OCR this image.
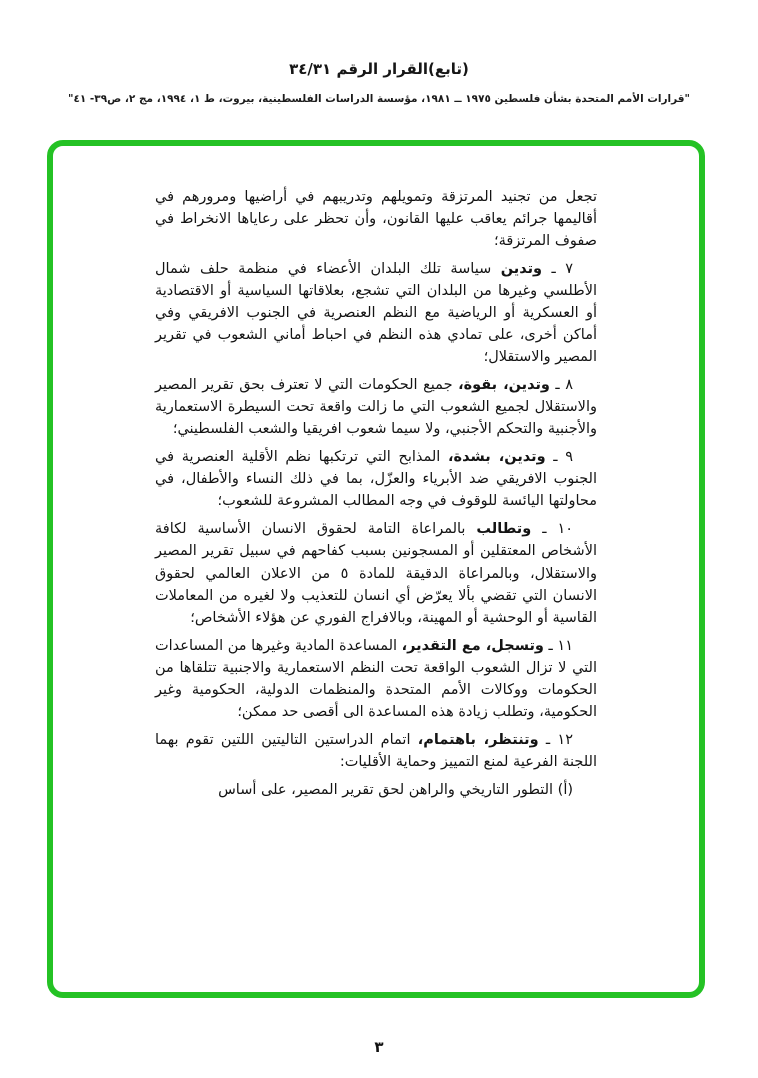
(تابع)القرار الرقم ٣٤/٣١
"قرارات الأمم المتحدة بشأن فلسطين ١٩٧٥ ــ ١٩٨١، مؤسسة الدراسات الفلسطينية، بيروت، ط ١، ١٩٩٤، مج ٢، ص٣٩- ٤١"

تجعل من تجنيد المرتزقة وتمويلهم وتدريبهم في أراضيها ومرورهم في أقاليمها جرائم يعاقب عليها القانون، وأن تحظر على رعاياها الانخراط في صفوف المرتزقة؛

٧ ـ وتدين سياسة تلك البلدان الأعضاء في منظمة حلف شمال الأطلسي وغيرها من البلدان التي تشجع، بعلاقاتها السياسية أو الاقتصادية أو العسكرية أو الرياضية مع النظم العنصرية في الجنوب الافريقي وفي أماكن أخرى، على تمادي هذه النظم في احباط أماني الشعوب في تقرير المصير والاستقلال؛

٨ ـ وتدين، بقوة، جميع الحكومات التي لا تعترف بحق تقرير المصير والاستقلال لجميع الشعوب التي ما زالت واقعة تحت السيطرة الاستعمارية والأجنبية والتحكم الأجنبي، ولا سيما شعوب افريقيا والشعب الفلسطيني؛

٩ ـ وتدين، بشدة، المذابح التي ترتكبها نظم الأقلية العنصرية في الجنوب الافريقي ضد الأبرياء والعزّل، بما في ذلك النساء والأطفال، في محاولتها اليائسة للوقوف في وجه المطالب المشروعة للشعوب؛

١٠ ـ وتطالب بالمراعاة التامة لحقوق الانسان الأساسية لكافة الأشخاص المعتقلين أو المسجونين بسبب كفاحهم في سبيل تقرير المصير والاستقلال، وبالمراعاة الدقيقة للمادة ٥ من الاعلان العالمي لحقوق الانسان التي تقضي بألا يعرّض أي انسان للتعذيب ولا لغيره من المعاملات القاسية أو الوحشية أو المهينة، وبالافراج الفوري عن هؤلاء الأشخاص؛

١١ ـ وتسجل، مع التقدير، المساعدة المادية وغيرها من المساعدات التي لا تزال الشعوب الواقعة تحت النظم الاستعمارية والاجنبية تتلقاها من الحكومات ووكالات الأمم المتحدة والمنظمات الدولية، الحكومية وغير الحكومية، وتطلب زيادة هذه المساعدة الى أقصى حد ممكن؛

١٢ ـ وتنتظر، باهتمام، اتمام الدراستين التاليتين اللتين تقوم بهما اللجنة الفرعية لمنع التمييز وحماية الأقليات:

(أ) التطور التاريخي والراهن لحق تقرير المصير، على أساس

٣
